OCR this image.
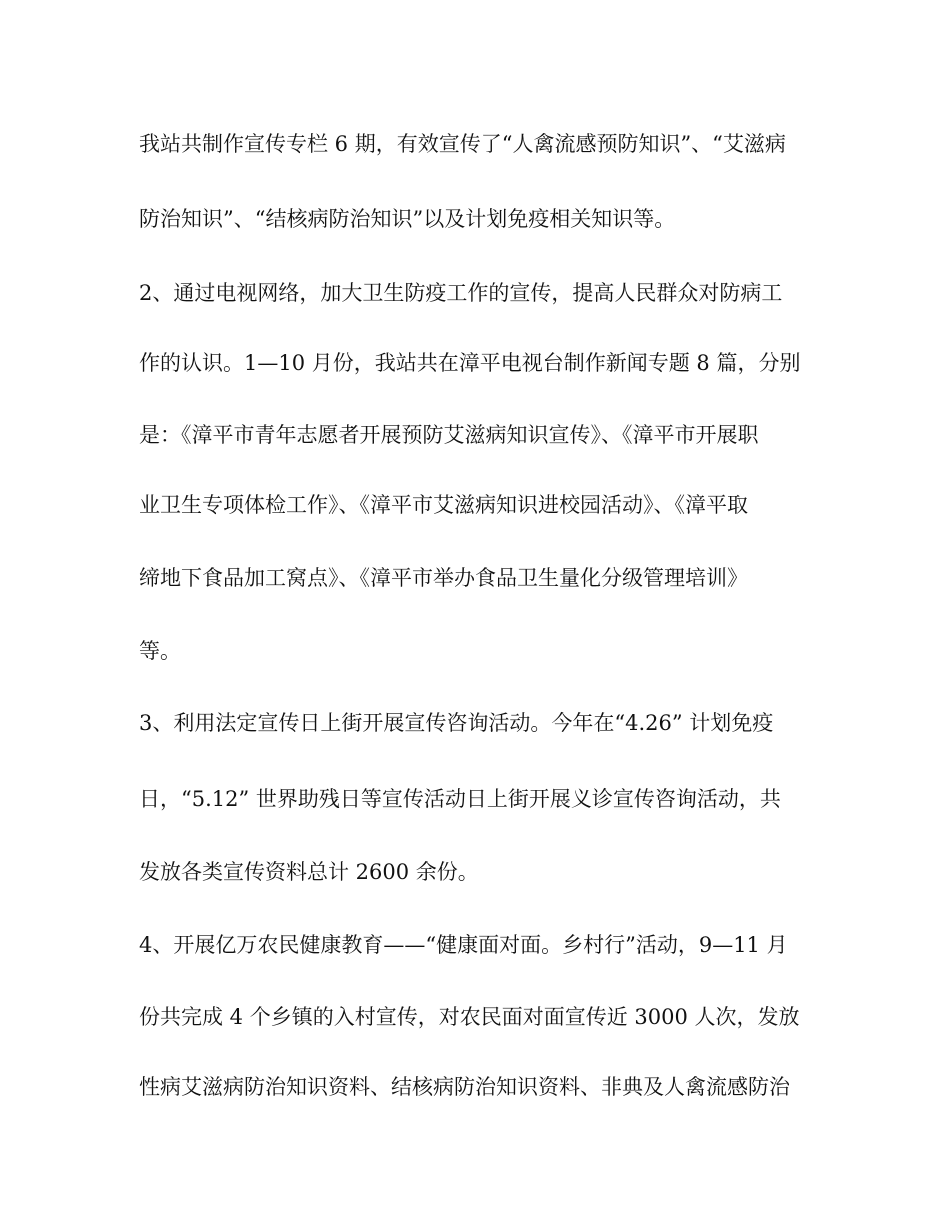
我站共制作宣传专栏 6 期，有效宣传了“人禽流感预防知识”、“艾滋病
防治知识”、“结核病防治知识”以及计划免疫相关知识等。
2、通过电视网络，加大卫生防疫工作的宣传，提高人民群众对防病工
作的认识。1—10 月份，我站共在漳平电视台制作新闻专题 8 篇，分别
是：《漳平市青年志愿者开展预防艾滋病知识宣传》、《漳平市开展职
业卫生专项体检工作》、《漳平市艾滋病知识进校园活动》、《漳平取
缔地下食品加工窝点》、《漳平市举办食品卫生量化分级管理培训》
等。
3、利用法定宣传日上街开展宣传咨询活动。今年在“4.26” 计划免疫
日，“5.12” 世界助残日等宣传活动日上街开展义诊宣传咨询活动，共
发放各类宣传资料总计 2600 余份。
4、开展亿万农民健康教育——“健康面对面。乡村行”活动，9—11 月
份共完成 4 个乡镇的入村宣传，对农民面对面宣传近 3000 人次，发放
性病艾滋病防治知识资料、结核病防治知识资料、非典及人禽流感防治
